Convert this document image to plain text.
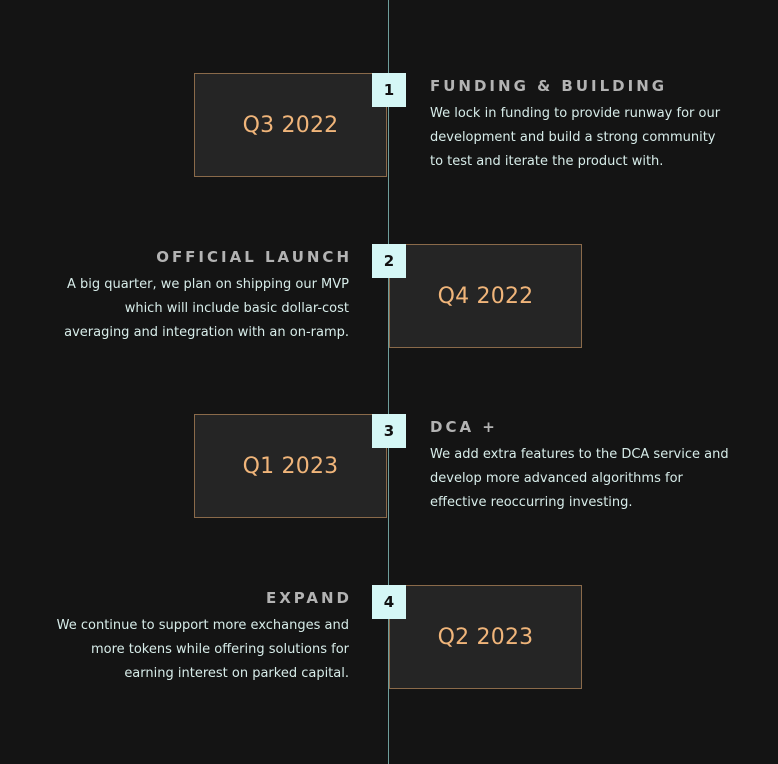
Q3 2022
1	FUNDING & BUILDING

We lock in funding to provide runway for our
development and build a strong community
to test and iterate the product with.

OFFICIAL LAUNCH

A big quarter, we plan on shipping our MVP
which will include basic dollar-cost
averaging and integration with an on-ramp.

Q4 2022
2
Q1 2023
3	DCA +

We add extra features to the DCA service and
develop more advanced algorithms for
effective reoccurring investing.

EXPAND

We continue to support more exchanges and
more tokens while offering solutions for
earning interest on parked capital.

Q2 2023
4
